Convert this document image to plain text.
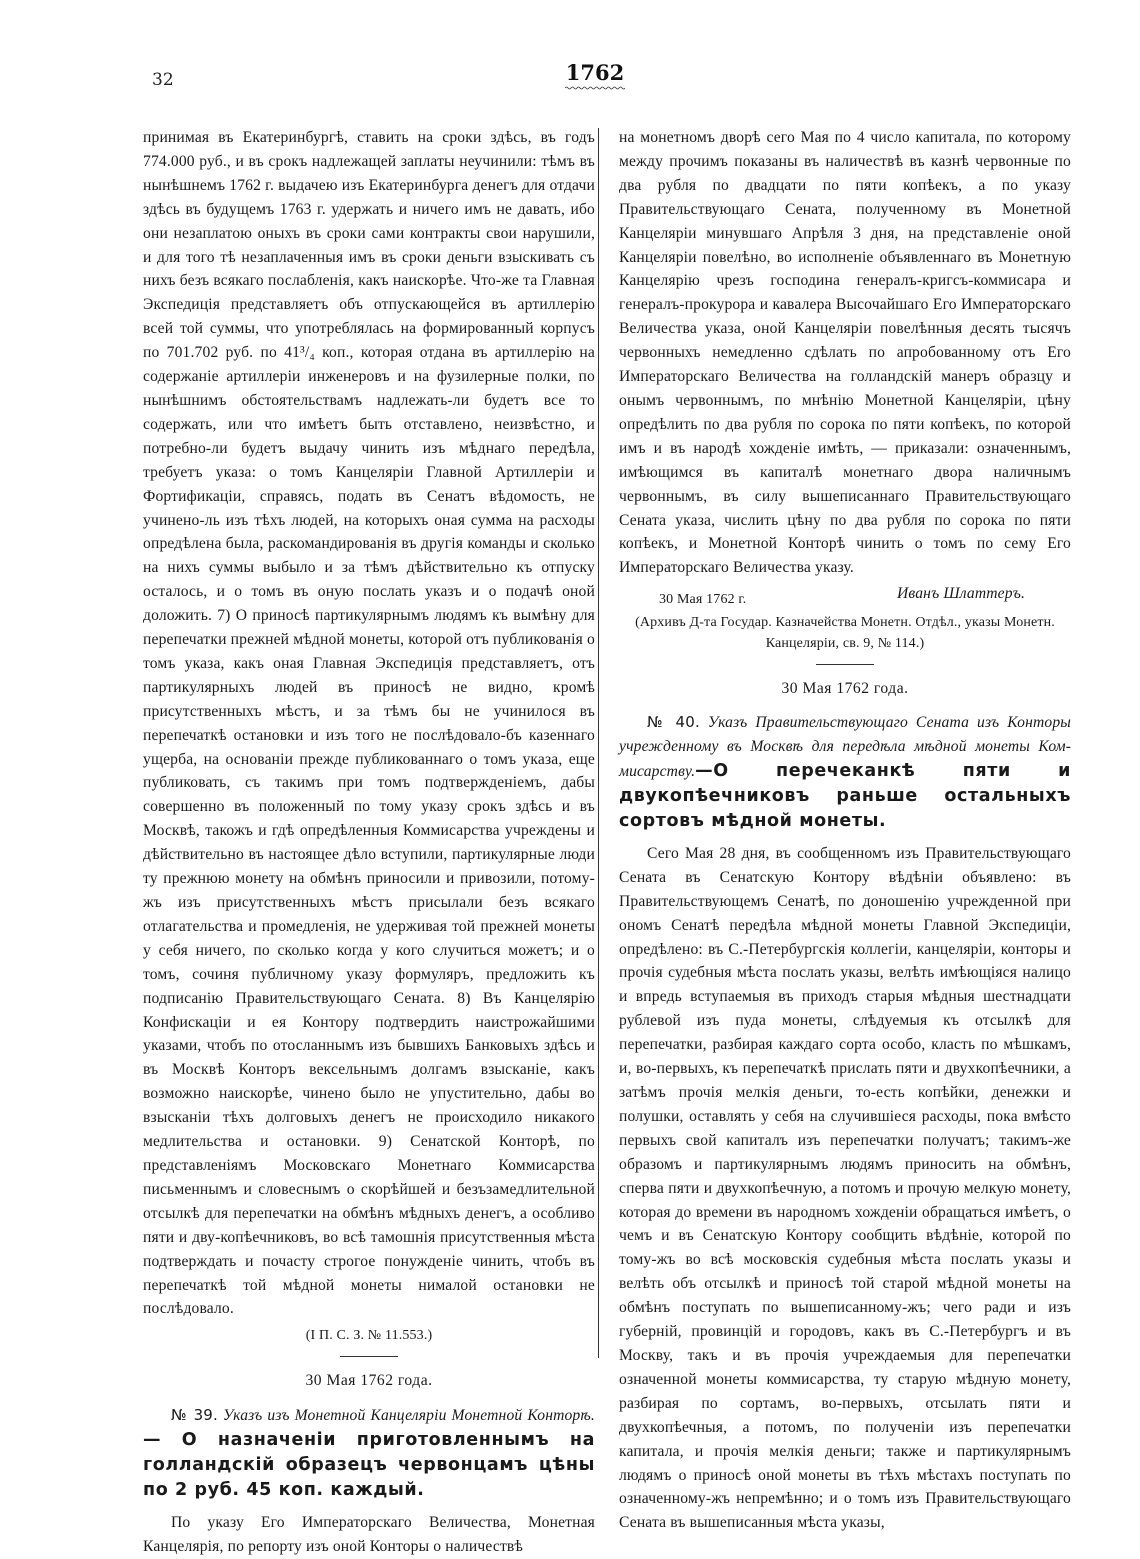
32	1762

принимая въ Екатеринбургѣ, ставить на сроки здѣсь, въ годъ 774.000 руб., и въ срокъ надлежащей заплаты неучинили: тѣмъ въ нынѣшнемъ 1762 г. выдачею изъ Екатеринбурга денегъ для отдачи здѣсь въ будущемъ 1763 г. удержать и ничего имъ не давать, ибо они незаплатою оныхъ въ сроки сами контракты свои нарушили, и для того тѣ незаплаченныя имъ въ сроки деньги взыскивать съ нихъ безъ всякаго послабленія, какъ наискорѣе. Что-же та Главная Экспедиція представляетъ объ отпускающейся въ артиллерію всей той суммы, что употреблялась на формированный корпусъ по 701.702 руб. по 41³/₄ коп., которая отдана въ артиллерію на содержаніе артиллеріи инженеровъ и на фузилерные полки, по нынѣшнимъ обстоятельствамъ надлежать-ли будетъ все то содержать, или что имѣетъ быть отставлено, неизвѣстно, и потребно-ли будетъ выдачу чинить изъ мѣднаго передѣла, требуетъ указа: о томъ Канцеляріи Главной Артиллеріи и Фортификаціи, справясь, подать въ Сенатъ вѣдомость, не учинено-ль изъ тѣхъ людей, на которыхъ оная сумма на расходы опредѣлена была, раскомандированія въ другія команды и сколько на нихъ суммы выбыло и за тѣмъ дѣйствительно къ отпуску осталось, и о томъ въ оную послать указъ и о подачѣ оной доложить. 7) О приносѣ партикулярнымъ людямъ къ вымѣну для перепечатки прежней мѣдной монеты, которой отъ публикованія о томъ указа, какъ оная Главная Экспедиція представляетъ, отъ партикулярныхъ людей въ приносѣ не видно, кромѣ присутственныхъ мѣстъ, и за тѣмъ бы не учинилося въ перепечаткѣ остановки и изъ того не послѣдовало-бъ казеннаго ущерба, на основаніи прежде публикованнаго о томъ указа, еще публиковать, съ такимъ при томъ подтвержденіемъ, дабы совершенно въ положенный по тому указу срокъ здѣсь и въ Москвѣ, такожъ и гдѣ опредѣленныя Коммисарства учреждены и дѣйствительно въ настоящее дѣло вступили, партикулярные люди ту прежнюю монету на обмѣнъ приносили и привозили, потому-жъ изъ присутственныхъ мѣстъ присылали безъ всякаго отлагательства и промедленія, не удерживая той прежней монеты у себя ничего, по сколько когда у кого случиться можетъ; и о томъ, сочиня публичному указу формуляръ, предложить къ подписанію Правительствующаго Сената. 8) Въ Канцелярію Конфискаціи и ея Контору подтвердить наистрожайшими указами, чтобъ по отосланнымъ изъ бывшихъ Банковыхъ здѣсь и въ Москвѣ Конторъ вексельнымъ долгамъ взысканіе, какъ возможно наискорѣе, чинено было не упустительно, дабы во взысканіи тѣхъ долговыхъ денегъ не происходило никакого медлительства и остановки. 9) Сенатской Конторѣ, по представленіямъ Московскаго Монетнаго Коммисарства письменнымъ и словеснымъ о скорѣйшей и безъзамедлительной отсылкѣ для перепечатки на обмѣнъ мѣдныхъ денегъ, а особливо пяти и дву-копѣечниковъ, во всѣ тамошнія присутственныя мѣста подтверждать и почасту строгое понужденіе чинить, чтобъ въ перепечаткѣ той мѣдной монеты нималой остановки не послѣдовало.

(I П. С. З. № 11.553.)

30 Мая 1762 года.

№ 39. Указъ изъ Монетной Канцеляріи Монетной Конторѣ. — О назначеніи приготовленнымъ на голландскій образецъ червонцамъ цѣны по 2 руб. 45 коп. каждый.

По указу Его Императорскаго Величества, Монетная Канцелярія, по репорту изъ оной Конторы о наличествѣ

на монетномъ дворѣ сего Мая по 4 число капитала, по которому между прочимъ показаны въ наличествѣ въ казнѣ червонные по два рубля по двадцати по пяти копѣекъ, а по указу Правительствующаго Сената, полученному въ Монетной Канцеляріи минувшаго Апрѣля 3 дня, на представленіе оной Канцеляріи повелѣно, во исполненіе объявленнаго въ Монетную Канцелярію чрезъ господина генералъ-кригсъ-коммисара и генералъ-прокурора и кавалера Высочайшаго Его Императорскаго Величества указа, оной Канцеляріи повелѣнныя десять тысячъ червонныхъ немедленно сдѣлать по апробованному отъ Его Императорскаго Величества на голландскій манеръ образцу и онымъ червоннымъ, по мнѣнію Монетной Канцеляріи, цѣну опредѣлить по два рубля по сорока по пяти копѣекъ, по которой имъ и въ народѣ хожденіе имѣть, — приказали: означеннымъ, имѣющимся въ капиталѣ монетнаго двора наличнымъ червоннымъ, въ силу вышеписаннаго Правительствующаго Сената указа, числить цѣну по два рубля по сорока по пяти копѣекъ, и Монетной Конторѣ чинить о томъ по сему Его Императорскаго Величества указу.

30 Мая 1762 г.	Иванъ Шлаттеръ.

(Архивъ Д-та Государ. Казначейства Монетн. Отдѣл., указы Монетн. Канцеляріи, св. 9, № 114.)

30 Мая 1762 года.

№ 40. Указъ Правительствующаго Сената изъ Конторы учрежденному въ Москвѣ для передѣла мѣдной монеты Коммисарству.—О перечеканкѣ пяти и двукопѣечниковъ раньше остальныхъ сортовъ мѣдной монеты.

Сего Мая 28 дня, въ сообщенномъ изъ Правительствующаго Сената въ Сенатскую Контору вѣдѣніи объявлено: въ Правительствующемъ Сенатѣ, по доношенію учрежденной при ономъ Сенатѣ передѣла мѣдной монеты Главной Экспедиціи, опредѣлено: въ С.-Петербургскія коллегіи, канцеляріи, конторы и прочія судебныя мѣста послать указы, велѣть имѣющіяся налицо и впредь вступаемыя въ приходъ старыя мѣдныя шестнадцати рублевой изъ пуда монеты, слѣдуемыя къ отсылкѣ для перепечатки, разбирая каждаго сорта особо, класть по мѣшкамъ, и, во-первыхъ, къ перепечаткѣ прислать пяти и двухкопѣечники, а затѣмъ прочія мелкія деньги, то-есть копѣйки, денежки и полушки, оставлять у себя на случившіеся расходы, пока вмѣсто первыхъ свой капиталъ изъ перепечатки получатъ; такимъ-же образомъ и партикулярнымъ людямъ приносить на обмѣнъ, сперва пяти и двухкопѣечную, а потомъ и прочую мелкую монету, которая до времени въ народномъ хожденіи обращаться имѣетъ, о чемъ и въ Сенатскую Контору сообщить вѣдѣніе, которой по тому-жъ во всѣ московскія судебныя мѣста послать указы и велѣть объ отсылкѣ и приносѣ той старой мѣдной монеты на обмѣнъ поступать по вышеписанному-жъ; чего ради и изъ губерній, провинцій и городовъ, какъ въ С.-Петербургъ и въ Москву, такъ и въ прочія учреждаемыя для перепечатки означенной монеты коммисарства, ту старую мѣдную монету, разбирая по сортамъ, во-первыхъ, отсылать пяти и двухкопѣечныя, а потомъ, по полученіи изъ перепечатки капитала, и прочія мелкія деньги; также и партикулярнымъ людямъ о приносѣ оной монеты въ тѣхъ мѣстахъ поступать по означенному-жъ непремѣнно; и о томъ изъ Правительствующаго Сената въ вышеписанныя мѣста указы,
